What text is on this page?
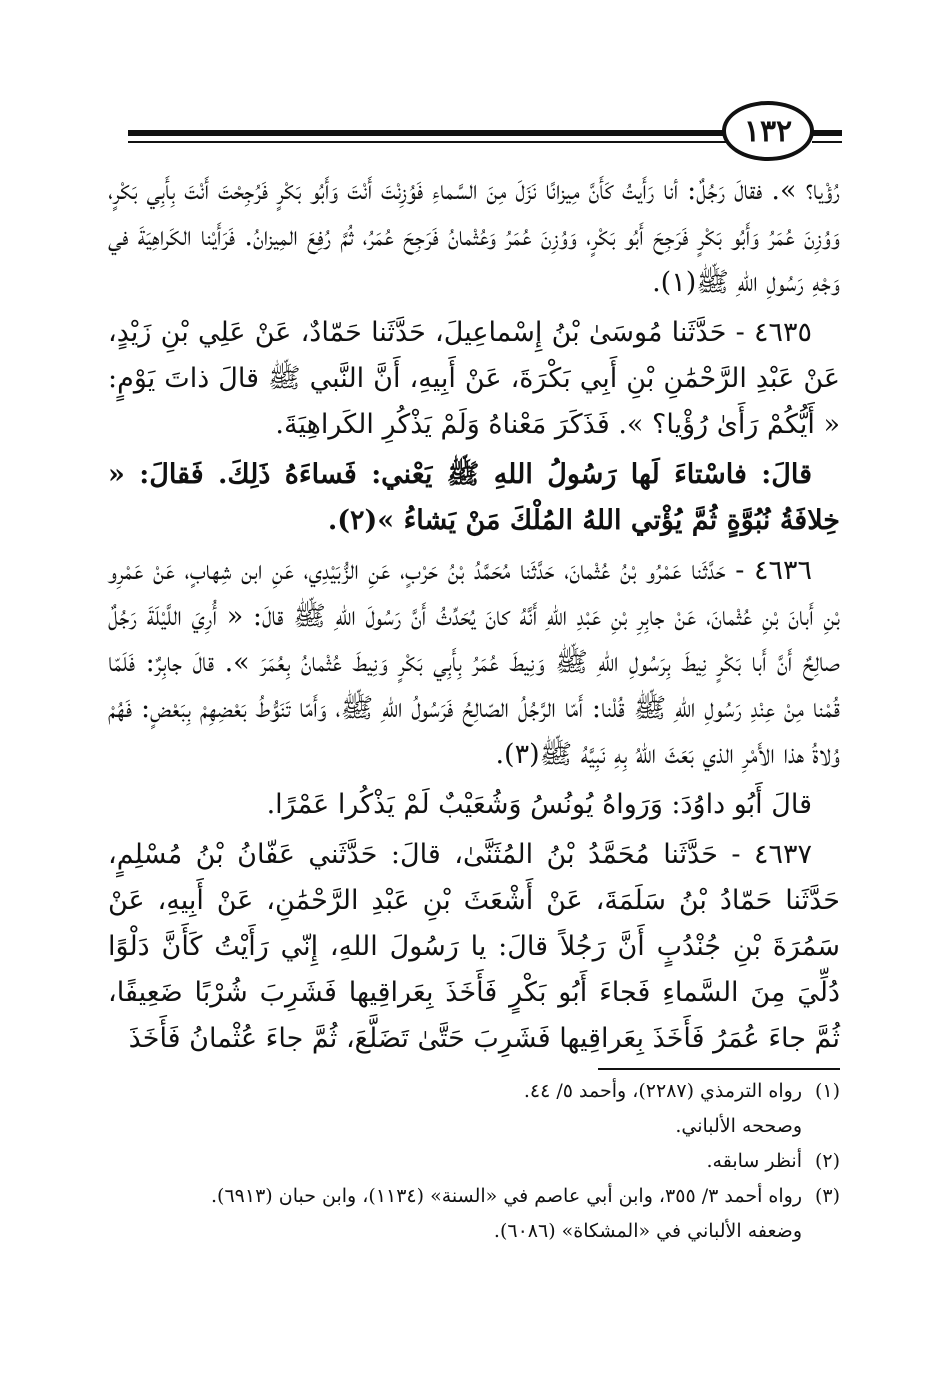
١٣٢

رُؤْيا؟ ». فقالَ رَجُلٌ: أنا رَأَيتُ كَأَنَّ مِيزانًا نَزَلَ مِنَ السَّماءِ فَوُزِنْتَ أَنْتَ وَأَبُو بَكْرٍ فَرُجِحْتَ أَنْتَ بِأَبِي بَكْرٍ، وَوُزِنَ عُمَرُ وَأَبُو بَكْرٍ فَرَجِحَ أَبُو بَكْرٍ، وَوُزِنَ عُمَرُ وَعُثْمانُ فَرَجِحَ عُمَرُ، ثُمَّ رُفِعَ المِيزانُ. فَرَأَيْنا الكَراهِيَةَ في وَجْهِ رَسُولِ اللهِ ﷺ(١).

٤٦٣٥ - حَدَّثَنا مُوسَىٰ بْنُ إِسْماعِيلَ، حَدَّثَنا حَمّادٌ، عَنْ عَلِي بْنِ زَيْدٍ، عَنْ عَبْدِ الرَّحْمَٰنِ بْنِ أَبِي بَكْرَةَ، عَنْ أَبِيهِ، أَنَّ النَّبي ﷺ قالَ ذاتَ يَوْمٍ: « أَيُّكُمْ رَأَىٰ رُؤْيا؟ ». فَذَكَرَ مَعْناهُ وَلَمْ يَذْكُرِ الكَراهِيَةَ.

قالَ: فاسْتاءَ لَها رَسُولُ اللهِ ﷺ يَعْني: فَساءَهُ ذَلِكَ. فَقالَ: « خِلافَةُ نُبُوَّةٍ ثُمَّ يُؤْتي اللهُ المُلْكَ مَنْ يَشاءُ »(٢).

٤٦٣٦ - حَدَّثَنا عَمْرُو بْنُ عُثْمانَ، حَدَّثَنا مُحَمَّدُ بْنُ حَرْبٍ، عَنِ الزُّبَيْدِي، عَنِ ابن شِهابٍ، عَنْ عَمْرِو بْنِ أَبانَ بْنِ عُثْمانَ، عَنْ جابِرِ بْنِ عَبْدِ اللهِ أَنَّهُ كانَ يُحَدِّثُ أَنَّ رَسُولَ اللهِ ﷺ قالَ: « أُرِيَ اللَّيْلَةَ رَجُلٌ صالِحٌ أَنَّ أَبا بَكْرٍ نِيطَ بِرَسُولِ اللهِ ﷺ وَنِيطَ عُمَرُ بِأَبِي بَكْرٍ وَنِيطَ عُثْمانُ بِعُمَرَ ». قالَ جابِرٌ: فَلَمّا قُمْنا مِنْ عِنْدِ رَسُولِ اللهِ ﷺ قُلْنا: أَمّا الرَّجُلُ الصّالِحُ فَرَسُولُ اللهِ ﷺ، وَأَمّا تَنَوُّطُ بَعْضِهِمْ بِبَعْضٍ: فَهُمْ وُلاةُ هذا الأَمْرِ الذي بَعَثَ اللهُ بِهِ نَبِيَّهُ ﷺ(٣).

قالَ أَبُو داوُدَ: وَرَواهُ يُونُسُ وَشُعَيْبٌ لَمْ يَذْكُرا عَمْرًا.

٤٦٣٧ - حَدَّثَنا مُحَمَّدُ بْنُ المُثَنَّىٰ، قالَ: حَدَّثَني عَفّانُ بْنُ مُسْلِمٍ، حَدَّثَنا حَمّادُ بْنُ سَلَمَةَ، عَنْ أَشْعَثَ بْنِ عَبْدِ الرَّحْمَٰنِ، عَنْ أَبِيهِ، عَنْ سَمُرَةَ بْنِ جُنْدُبٍ أَنَّ رَجُلاً قالَ: يا رَسُولَ اللهِ، إِنّي رَأَيْتُ كَأَنَّ دَلْوًا دُلِّيَ مِنَ السَّماءِ فَجاءَ أَبُو بَكْرٍ فَأَخَذَ بِعَراقِيها فَشَرِبَ شُرْبًا ضَعِيفًا، ثُمَّ جاءَ عُمَرُ فَأَخَذَ بِعَراقِيها فَشَرِبَ حَتَّىٰ تَضَلَّعَ، ثُمَّ جاءَ عُثْمانُ فَأَخَذَ

(١)رواه الترمذي (٢٢٨٧)، وأحمد ٥/ ٤٤.

وصححه الألباني.

(٢)أنظر سابقه.

(٣)رواه أحمد ٣/ ٣٥٥، وابن أبي عاصم في «السنة» (١١٣٤)، وابن حبان (٦٩١٣).

وضعفه الألباني في «المشكاة» (٦٠٨٦).
